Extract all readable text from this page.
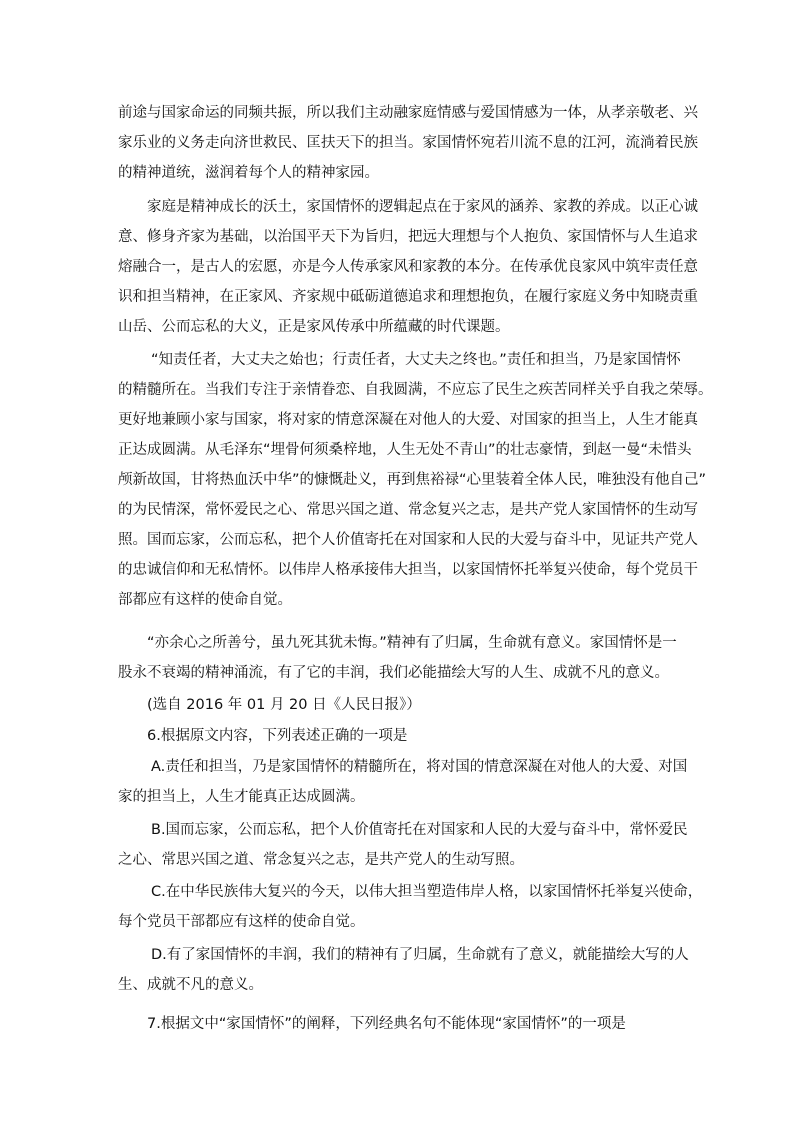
前途与国家命运的同频共振，所以我们主动融家庭情感与爱国情感为一体，从孝亲敬老、兴
家乐业的义务走向济世救民、匡扶天下的担当。家国情怀宛若川流不息的江河，流淌着民族
的精神道统，滋润着每个人的精神家园。
家庭是精神成长的沃土，家国情怀的逻辑起点在于家风的涵养、家教的养成。以正心诚
意、修身齐家为基础，以治国平天下为旨归，把远大理想与个人抱负、家国情怀与人生追求
熔融合一，是古人的宏愿，亦是今人传承家风和家教的本分。在传承优良家风中筑牢责任意
识和担当精神，在正家风、齐家规中砥砺道德追求和理想抱负，在履行家庭义务中知晓责重
山岳、公而忘私的大义，正是家风传承中所蕴藏的时代课题。
“知责任者，大丈夫之始也；行责任者，大丈夫之终也。”责任和担当，乃是家国情怀
的精髓所在。当我们专注于亲情眷恋、自我圆满，不应忘了民生之疾苦同样关乎自我之荣辱。
更好地兼顾小家与国家，将对家的情意深凝在对他人的大爱、对国家的担当上，人生才能真
正达成圆满。从毛泽东“埋骨何须桑梓地，人生无处不青山”的壮志豪情，到赵一曼“未惜头
颅新故国，甘将热血沃中华”的慷慨赴义，再到焦裕禄“心里装着全体人民，唯独没有他自己”
的为民情深，常怀爱民之心、常思兴国之道、常念复兴之志，是共产党人家国情怀的生动写
照。国而忘家，公而忘私，把个人价值寄托在对国家和人民的大爱与奋斗中，见证共产党人
的忠诚信仰和无私情怀。以伟岸人格承接伟大担当，以家国情怀托举复兴使命，每个党员干
部都应有这样的使命自觉。
“亦余心之所善兮，虽九死其犹未悔。”精神有了归属，生命就有意义。家国情怀是一
股永不衰竭的精神涌流，有了它的丰润，我们必能描绘大写的人生、成就不凡的意义。
(选自 2016 年 01 月 20 日《人民日报》）
6.根据原文内容，下列表述正确的一项是
A.责任和担当，乃是家国情怀的精髓所在，将对国的情意深凝在对他人的大爱、对国
家的担当上，人生才能真正达成圆满。
B.国而忘家，公而忘私，把个人价值寄托在对国家和人民的大爱与奋斗中，常怀爱民
之心、常思兴国之道、常念复兴之志，是共产党人的生动写照。
C.在中华民族伟大复兴的今天，以伟大担当塑造伟岸人格，以家国情怀托举复兴使命，
每个党员干部都应有这样的使命自觉。
D.有了家国情怀的丰润，我们的精神有了归属，生命就有了意义，就能描绘大写的人
生、成就不凡的意义。
7.根据文中“家国情怀”的阐释，下列经典名句不能体现“家国情怀”的一项是
